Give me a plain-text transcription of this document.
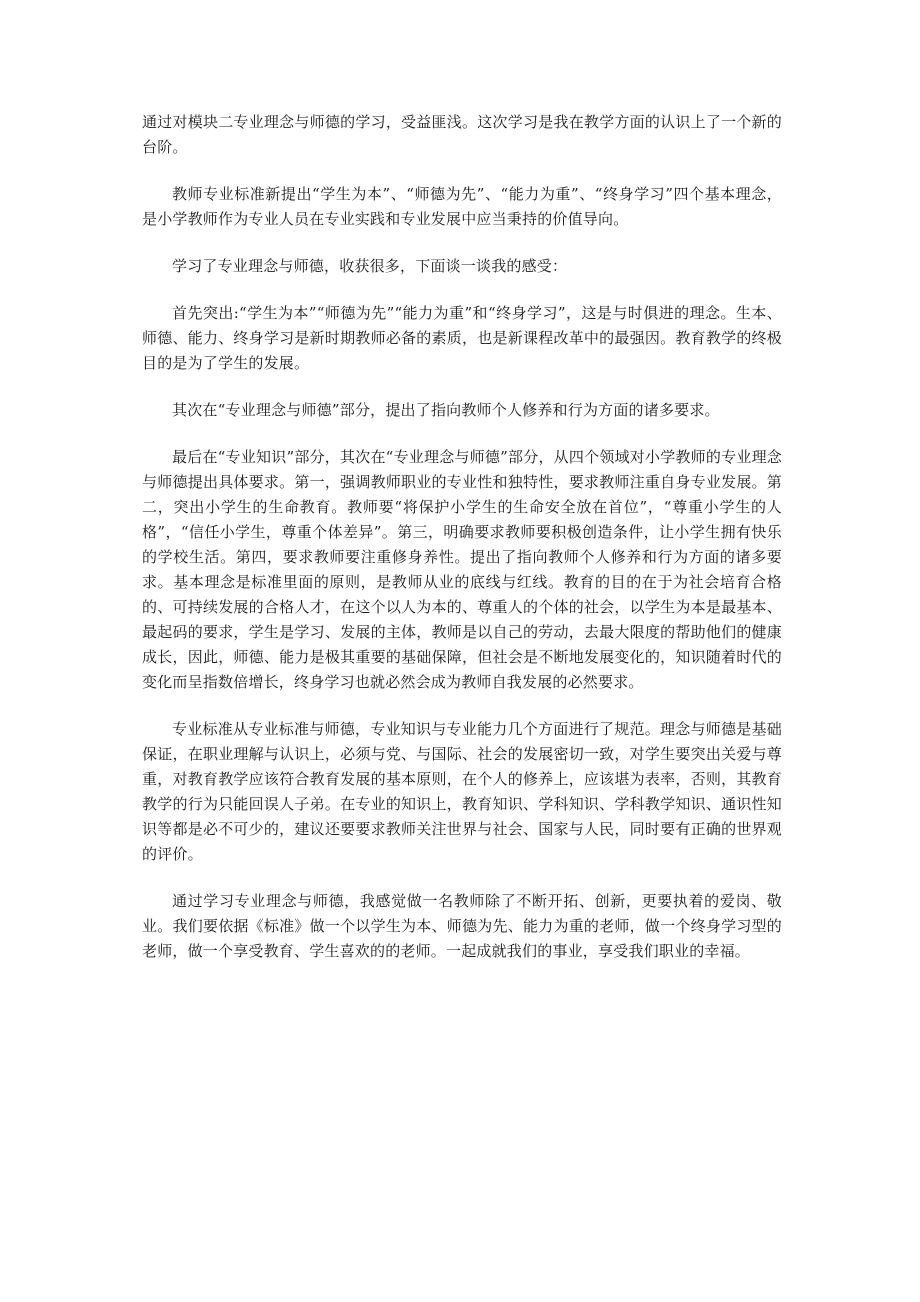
通过对模块二专业理念与师德的学习，受益匪浅。这次学习是我在教学方面的认识上了一个新的台阶。

教师专业标准新提出“学生为本”、“师德为先”、“能力为重”、“终身学习”四个基本理念，是小学教师作为专业人员在专业实践和专业发展中应当秉持的价值导向。

学习了专业理念与师德，收获很多，下面谈一谈我的感受：

首先突出:“学生为本”“师德为先”“能力为重”和“终身学习”，这是与时俱进的理念。生本、师德、能力、终身学习是新时期教师必备的素质，也是新课程改革中的最强因。教育教学的终极目的是为了学生的发展。

其次在“专业理念与师德”部分，提出了指向教师个人修养和行为方面的诸多要求。

最后在“专业知识”部分，其次在“专业理念与师德”部分，从四个领域对小学教师的专业理念与师德提出具体要求。第一，强调教师职业的专业性和独特性，要求教师注重自身专业发展。第二，突出小学生的生命教育。教师要“将保护小学生的生命安全放在首位”，“尊重小学生的人格”，“信任小学生，尊重个体差异”。第三，明确要求教师要积极创造条件，让小学生拥有快乐的学校生活。第四，要求教师要注重修身养性。提出了指向教师个人修养和行为方面的诸多要求。基本理念是标准里面的原则，是教师从业的底线与红线。教育的目的在于为社会培育合格的、可持续发展的合格人才，在这个以人为本的、尊重人的个体的社会，以学生为本是最基本、最起码的要求，学生是学习、发展的主体，教师是以自己的劳动，去最大限度的帮助他们的健康成长，因此，师德、能力是极其重要的基础保障，但社会是不断地发展变化的，知识随着时代的变化而呈指数倍增长，终身学习也就必然会成为教师自我发展的必然要求。

专业标准从专业标准与师德，专业知识与专业能力几个方面进行了规范。理念与师德是基础保证，在职业理解与认识上，必须与党、与国际、社会的发展密切一致，对学生要突出关爱与尊重，对教育教学应该符合教育发展的基本原则，在个人的修养上，应该堪为表率，否则，其教育教学的行为只能回误人子弟。在专业的知识上，教育知识、学科知识、学科教学知识、通识性知识等都是必不可少的，建议还要要求教师关注世界与社会、国家与人民，同时要有正确的世界观的评价。

通过学习专业理念与师德，我感觉做一名教师除了不断开拓、创新，更要执着的爱岗、敬业。我们要依据《标准》做一个以学生为本、师德为先、能力为重的老师，做一个终身学习型的老师，做一个享受教育、学生喜欢的的老师。一起成就我们的事业，享受我们职业的幸福。
